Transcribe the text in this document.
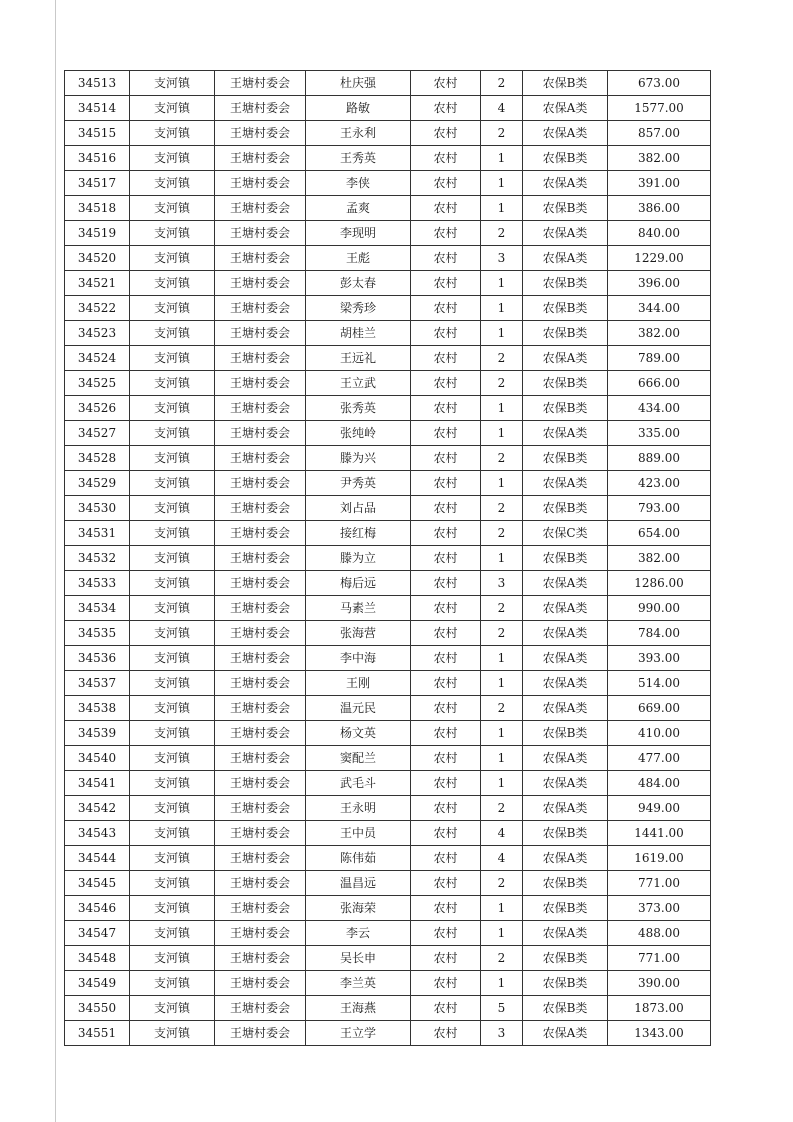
34513	支河镇	王塘村委会	杜庆强	农村	2	农保B类	673.00
34514	支河镇	王塘村委会	路敏	农村	4	农保A类	1577.00
34515	支河镇	王塘村委会	王永利	农村	2	农保A类	857.00
34516	支河镇	王塘村委会	王秀英	农村	1	农保B类	382.00
34517	支河镇	王塘村委会	李侠	农村	1	农保A类	391.00
34518	支河镇	王塘村委会	孟爽	农村	1	农保B类	386.00
34519	支河镇	王塘村委会	李现明	农村	2	农保A类	840.00
34520	支河镇	王塘村委会	王彪	农村	3	农保A类	1229.00
34521	支河镇	王塘村委会	彭太春	农村	1	农保B类	396.00
34522	支河镇	王塘村委会	梁秀珍	农村	1	农保B类	344.00
34523	支河镇	王塘村委会	胡桂兰	农村	1	农保B类	382.00
34524	支河镇	王塘村委会	王远礼	农村	2	农保A类	789.00
34525	支河镇	王塘村委会	王立武	农村	2	农保B类	666.00
34526	支河镇	王塘村委会	张秀英	农村	1	农保B类	434.00
34527	支河镇	王塘村委会	张纯岭	农村	1	农保A类	335.00
34528	支河镇	王塘村委会	滕为兴	农村	2	农保B类	889.00
34529	支河镇	王塘村委会	尹秀英	农村	1	农保A类	423.00
34530	支河镇	王塘村委会	刘占品	农村	2	农保B类	793.00
34531	支河镇	王塘村委会	接红梅	农村	2	农保C类	654.00
34532	支河镇	王塘村委会	滕为立	农村	1	农保B类	382.00
34533	支河镇	王塘村委会	梅后远	农村	3	农保A类	1286.00
34534	支河镇	王塘村委会	马素兰	农村	2	农保A类	990.00
34535	支河镇	王塘村委会	张海营	农村	2	农保A类	784.00
34536	支河镇	王塘村委会	李中海	农村	1	农保A类	393.00
34537	支河镇	王塘村委会	王刚	农村	1	农保A类	514.00
34538	支河镇	王塘村委会	温元民	农村	2	农保A类	669.00
34539	支河镇	王塘村委会	杨文英	农村	1	农保B类	410.00
34540	支河镇	王塘村委会	窦配兰	农村	1	农保A类	477.00
34541	支河镇	王塘村委会	武毛斗	农村	1	农保A类	484.00
34542	支河镇	王塘村委会	王永明	农村	2	农保A类	949.00
34543	支河镇	王塘村委会	王中员	农村	4	农保B类	1441.00
34544	支河镇	王塘村委会	陈伟茹	农村	4	农保A类	1619.00
34545	支河镇	王塘村委会	温昌远	农村	2	农保B类	771.00
34546	支河镇	王塘村委会	张海荣	农村	1	农保B类	373.00
34547	支河镇	王塘村委会	李云	农村	1	农保A类	488.00
34548	支河镇	王塘村委会	吴长申	农村	2	农保B类	771.00
34549	支河镇	王塘村委会	李兰英	农村	1	农保B类	390.00
34550	支河镇	王塘村委会	王海燕	农村	5	农保B类	1873.00
34551	支河镇	王塘村委会	王立学	农村	3	农保A类	1343.00
